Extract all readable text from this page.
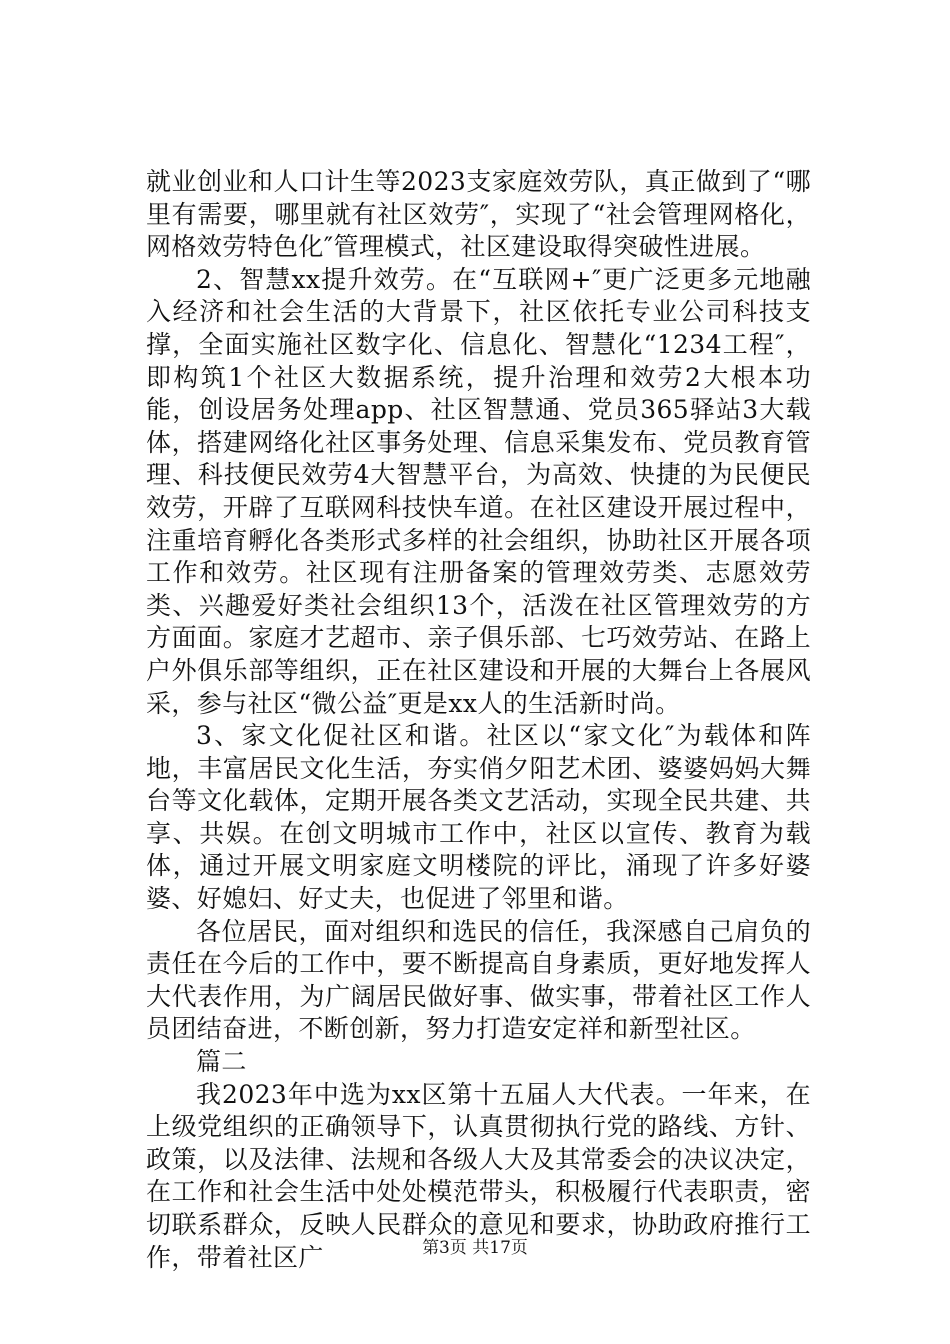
就业创业和人口计生等2023支家庭效劳队，真正做到了“哪里有需要，哪里就有社区效劳″，实现了“社会管理网格化，网格效劳特色化″管理模式，社区建设取得突破性进展。

2、智慧xx提升效劳。在“互联网+″更广泛更多元地融入经济和社会生活的大背景下，社区依托专业公司科技支撑，全面实施社区数字化、信息化、智慧化“1234工程″，即构筑1个社区大数据系统，提升治理和效劳2大根本功能，创设居务处理app、社区智慧通、党员365驿站3大载体，搭建网络化社区事务处理、信息采集发布、党员教育管理、科技便民效劳4大智慧平台，为高效、快捷的为民便民效劳，开辟了互联网科技快车道。在社区建设开展过程中，注重培育孵化各类形式多样的社会组织，协助社区开展各项工作和效劳。社区现有注册备案的管理效劳类、志愿效劳类、兴趣爱好类社会组织13个，活泼在社区管理效劳的方方面面。家庭才艺超市、亲子俱乐部、七巧效劳站、在路上户外俱乐部等组织，正在社区建设和开展的大舞台上各展风采，参与社区“微公益″更是xx人的生活新时尚。

3、家文化促社区和谐。社区以“家文化″为载体和阵地，丰富居民文化生活，夯实俏夕阳艺术团、婆婆妈妈大舞台等文化载体，定期开展各类文艺活动，实现全民共建、共享、共娱。在创文明城市工作中，社区以宣传、教育为载体，通过开展文明家庭文明楼院的评比，涌现了许多好婆婆、好媳妇、好丈夫，也促进了邻里和谐。

各位居民，面对组织和选民的信任，我深感自己肩负的责任在今后的工作中，要不断提高自身素质，更好地发挥人大代表作用，为广阔居民做好事、做实事，带着社区工作人员团结奋进，不断创新，努力打造安定祥和新型社区。

篇二

我2023年中选为xx区第十五届人大代表。一年来，在上级党组织的正确领导下，认真贯彻执行党的路线、方针、政策，以及法律、法规和各级人大及其常委会的决议决定，在工作和社会生活中处处模范带头，积极履行代表职责，密切联系群众，反映人民群众的意见和要求，协助政府推行工作，带着社区广	第3页 共17页
